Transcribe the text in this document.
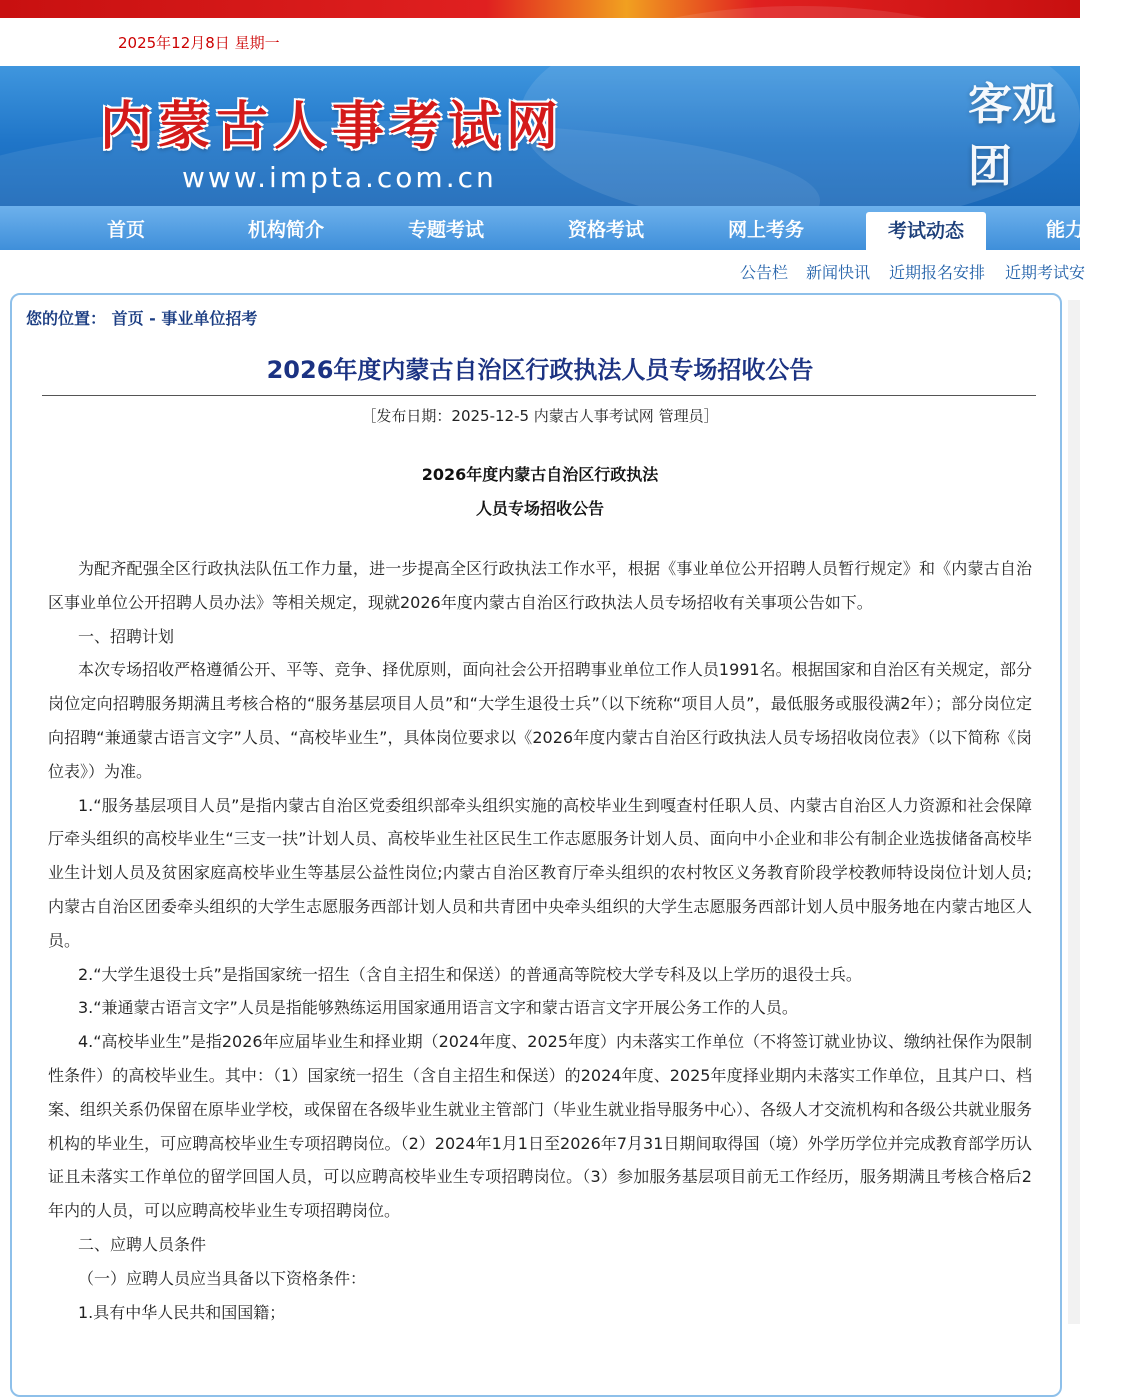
2025年12月8日 星期一
内蒙古人事考试网
www.impta.com.cn
客观 团
首页	机构简介	专题考试	资格考试	网上考务	考试动态	能力
公告栏 新闻快讯 近期报名安排 近期考试安
您的位置： 首页 - 事业单位招考
2026年度内蒙古自治区行政执法人员专场招收公告
［发布日期：2025-12-5 内蒙古人事考试网 管理员］
2026年度内蒙古自治区行政执法
人员专场招收公告

为配齐配强全区行政执法队伍工作力量，进一步提高全区行政执法工作水平，根据《事业单位公开招聘人员暂行规定》和《内蒙古自治区事业单位公开招聘人员办法》等相关规定，现就2026年度内蒙古自治区行政执法人员专场招收有关事项公告如下。

一、招聘计划

本次专场招收严格遵循公开、平等、竞争、择优原则，面向社会公开招聘事业单位工作人员1991名。根据国家和自治区有关规定，部分岗位定向招聘服务期满且考核合格的“服务基层项目人员”和“大学生退役士兵”（以下统称“项目人员”，最低服务或服役满2年）；部分岗位定向招聘“兼通蒙古语言文字”人员、“高校毕业生”，具体岗位要求以《2026年度内蒙古自治区行政执法人员专场招收岗位表》（以下简称《岗位表》）为准。

1.“服务基层项目人员”是指内蒙古自治区党委组织部牵头组织实施的高校毕业生到嘎查村任职人员、内蒙古自治区人力资源和社会保障厅牵头组织的高校毕业生“三支一扶”计划人员、高校毕业生社区民生工作志愿服务计划人员、面向中小企业和非公有制企业选拔储备高校毕业生计划人员及贫困家庭高校毕业生等基层公益性岗位;内蒙古自治区教育厅牵头组织的农村牧区义务教育阶段学校教师特设岗位计划人员;内蒙古自治区团委牵头组织的大学生志愿服务西部计划人员和共青团中央牵头组织的大学生志愿服务西部计划人员中服务地在内蒙古地区人员。

2.“大学生退役士兵”是指国家统一招生（含自主招生和保送）的普通高等院校大学专科及以上学历的退役士兵。

3.“兼通蒙古语言文字”人员是指能够熟练运用国家通用语言文字和蒙古语言文字开展公务工作的人员。

4.“高校毕业生”是指2026年应届毕业生和择业期（2024年度、2025年度）内未落实工作单位（不将签订就业协议、缴纳社保作为限制性条件）的高校毕业生。其中：（1）国家统一招生（含自主招生和保送）的2024年度、2025年度择业期内未落实工作单位，且其户口、档案、组织关系仍保留在原毕业学校，或保留在各级毕业生就业主管部门（毕业生就业指导服务中心）、各级人才交流机构和各级公共就业服务机构的毕业生，可应聘高校毕业生专项招聘岗位。（2）2024年1月1日至2026年7月31日期间取得国（境）外学历学位并完成教育部学历认证且未落实工作单位的留学回国人员，可以应聘高校毕业生专项招聘岗位。（3）参加服务基层项目前无工作经历，服务期满且考核合格后2年内的人员，可以应聘高校毕业生专项招聘岗位。

二、应聘人员条件

（一）应聘人员应当具备以下资格条件：

1.具有中华人民共和国国籍；
